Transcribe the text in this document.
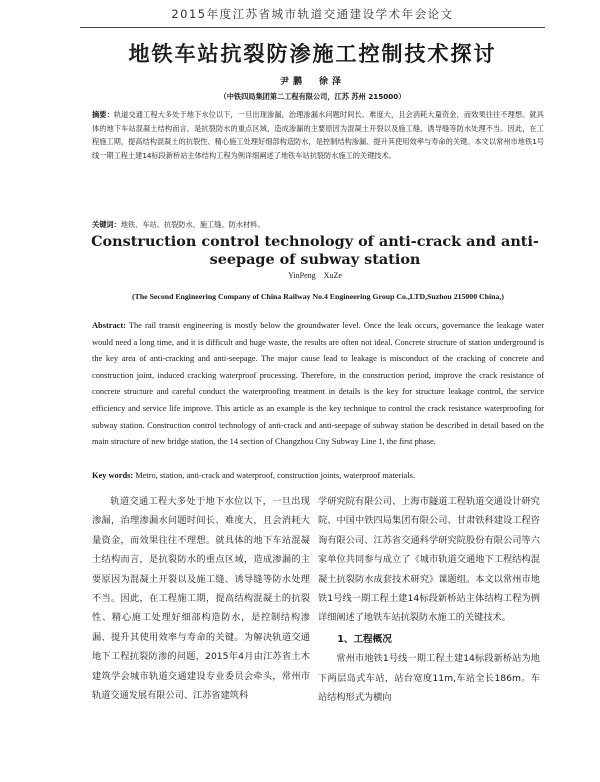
2015年度江苏省城市轨道交通建设学术年会论文
地铁车站抗裂防渗施工控制技术探讨
尹鹏　徐泽
（中铁四局集团第二工程有限公司，江苏 苏州 215000）
摘要：轨道交通工程大多处于地下水位以下，一旦出现渗漏，治理渗漏水问题时间长、难度大，且会消耗大量资金，而效果往往不理想。就具体的地下车站混凝土结构而言，是抗裂防水的重点区域，造成渗漏的主要原因为混凝土开裂以及施工缝、诱导缝等防水处理不当。因此，在工程施工期，提高结构混凝土的抗裂性、精心施工处理好细部构造防水，是控制结构渗漏、提升其使用效率与寿命的关键。本文以常州市地铁1号线一期工程土建14标段新桥站主体结构工程为例详细阐述了地铁车站抗裂防水施工的关键技术。
关键词：地铁、车站、抗裂防水、施工缝、防水材料。
Construction control technology of anti-crack and anti-seepage of subway station
YinPeng　XuZe
(The Second Engineering Company of China Railway No.4 Engineering Group Co.,LTD,Suzhou 215000 China,)
Abstract: The rail transit engineering is mostly below the groundwater level. Once the leak occurs, governance the leakage water would need a long time, and it is difficult and huge waste, the results are often not ideal. Concrete structure of station underground is the key area of anti-cracking and anti-seepage. The major cause lead to leakage is misconduct of the cracking of concrete and construction joint, induced cracking waterproof processing. Therefore, in the construction period, improve the crack resistance of concrete structure and careful conduct the waterproofing treatment in details is the key for structure leakage control, the service efficiency and service life improve. This article as an example is the key technique to control the crack resistance waterproofing for subway station. Construction control technology of anti-crack and anti-seepage of subway station be described in detail based on the main structure of new bridge station, the 14 section of Changzhou City Subway Line 1, the first phase.
Key words: Metro, station, anti-crack and waterproof, construction joints, waterproof materials.

轨道交通工程大多处于地下水位以下，一旦出现渗漏，治理渗漏水问题时间长、难度大，且会消耗大量资金，而效果往往不理想。就具体的地下车站混凝土结构而言，是抗裂防水的重点区域，造成渗漏的主要原因为混凝土开裂以及施工缝、诱导缝等防水处理不当。因此，在工程施工期，提高结构混凝土的抗裂性、精心施工处理好细部构造防水，是控制结构渗漏、提升其使用效率与寿命的关键。为解决轨道交通地下工程抗裂防渗的问题，2015年4月由江苏省土木建筑学会城市轨道交通建设专业委员会牵头，常州市轨道交通发展有限公司、江苏省建筑科

学研究院有限公司、上海市隧道工程轨道交通设计研究院、中国中铁四局集团有限公司、甘肃铁科建设工程咨询有限公司、江苏省交通科学研究院股份有限公司等六家单位共同参与成立了《城市轨道交通地下工程结构混凝土抗裂防水成套技术研究》课题组。本文以常州市地铁1号线一期工程土建14标段新桥站主体结构工程为例详细阐述了地铁车站抗裂防水施工的关键技术。

1、工程概况

常州市地铁1号线一期工程土建14标段新桥站为地下两层岛式车站，站台宽度11m,车站全长186m。车站结构形式为横向
